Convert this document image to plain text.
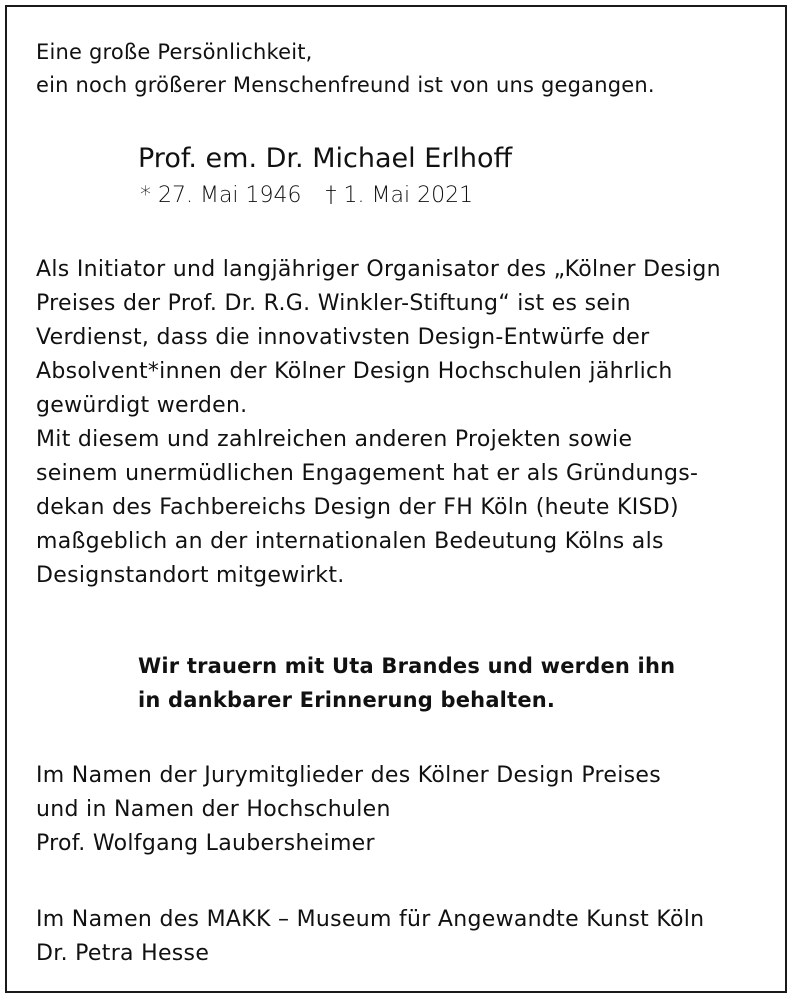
Eine große Persönlichkeit,
ein noch größerer Menschenfreund ist von uns gegangen.
Prof. em. Dr. Michael Erlhoff
* 27. Mai 1946 † 1. Mai 2021
Als Initiator und langjähriger Organisator des „Kölner Design
Preises der Prof. Dr. R.G. Winkler-Stiftung“ ist es sein
Verdienst, dass die innovativsten Design-Entwürfe der
Absolvent*innen der Kölner Design Hochschulen jährlich
gewürdigt werden.
Mit diesem und zahlreichen anderen Projekten sowie
seinem unermüdlichen Engagement hat er als Gründungs-
dekan des Fachbereichs Design der FH Köln (heute KISD)
maßgeblich an der internationalen Bedeutung Kölns als
Designstandort mitgewirkt.
Wir trauern mit Uta Brandes und werden ihn
in dankbarer Erinnerung behalten.
Im Namen der Jurymitglieder des Kölner Design Preises
und in Namen der Hochschulen
Prof. Wolfgang Laubersheimer
Im Namen des MAKK – Museum für Angewandte Kunst Köln
Dr. Petra Hesse
